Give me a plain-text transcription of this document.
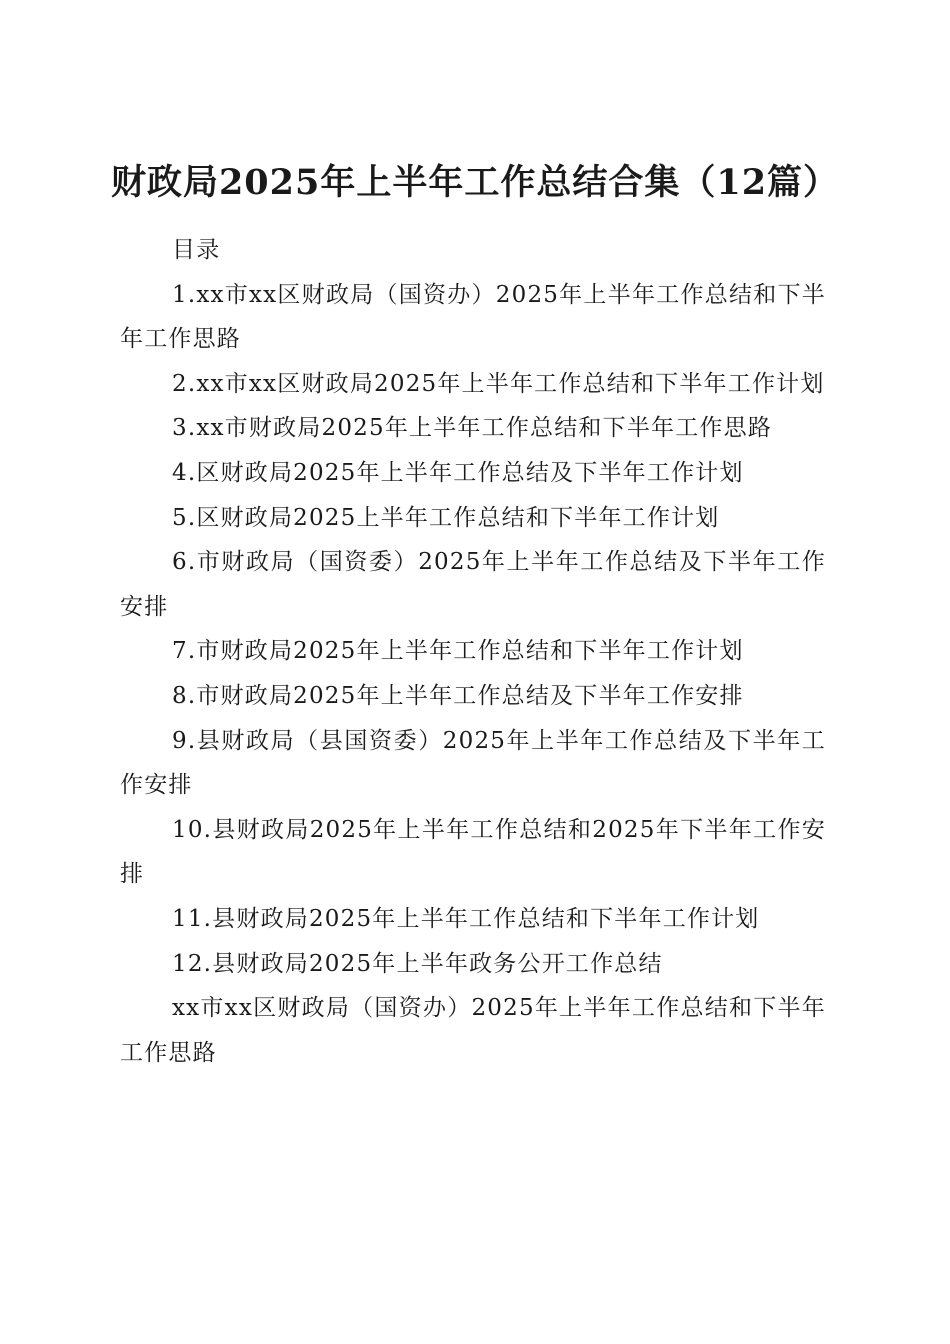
财政局2025年上半年工作总结合集（12篇）

目录

1.xx市xx区财政局（国资办）2025年上半年工作总结和下半年工作思路

2.xx市xx区财政局2025年上半年工作总结和下半年工作计划

3.xx市财政局2025年上半年工作总结和下半年工作思路

4.区财政局2025年上半年工作总结及下半年工作计划

5.区财政局2025上半年工作总结和下半年工作计划

6.市财政局（国资委）2025年上半年工作总结及下半年工作安排

7.市财政局2025年上半年工作总结和下半年工作计划

8.市财政局2025年上半年工作总结及下半年工作安排

9.县财政局（县国资委）2025年上半年工作总结及下半年工作安排

10.县财政局2025年上半年工作总结和2025年下半年工作安排

11.县财政局2025年上半年工作总结和下半年工作计划

12.县财政局2025年上半年政务公开工作总结

xx市xx区财政局（国资办）2025年上半年工作总结和下半年工作思路
